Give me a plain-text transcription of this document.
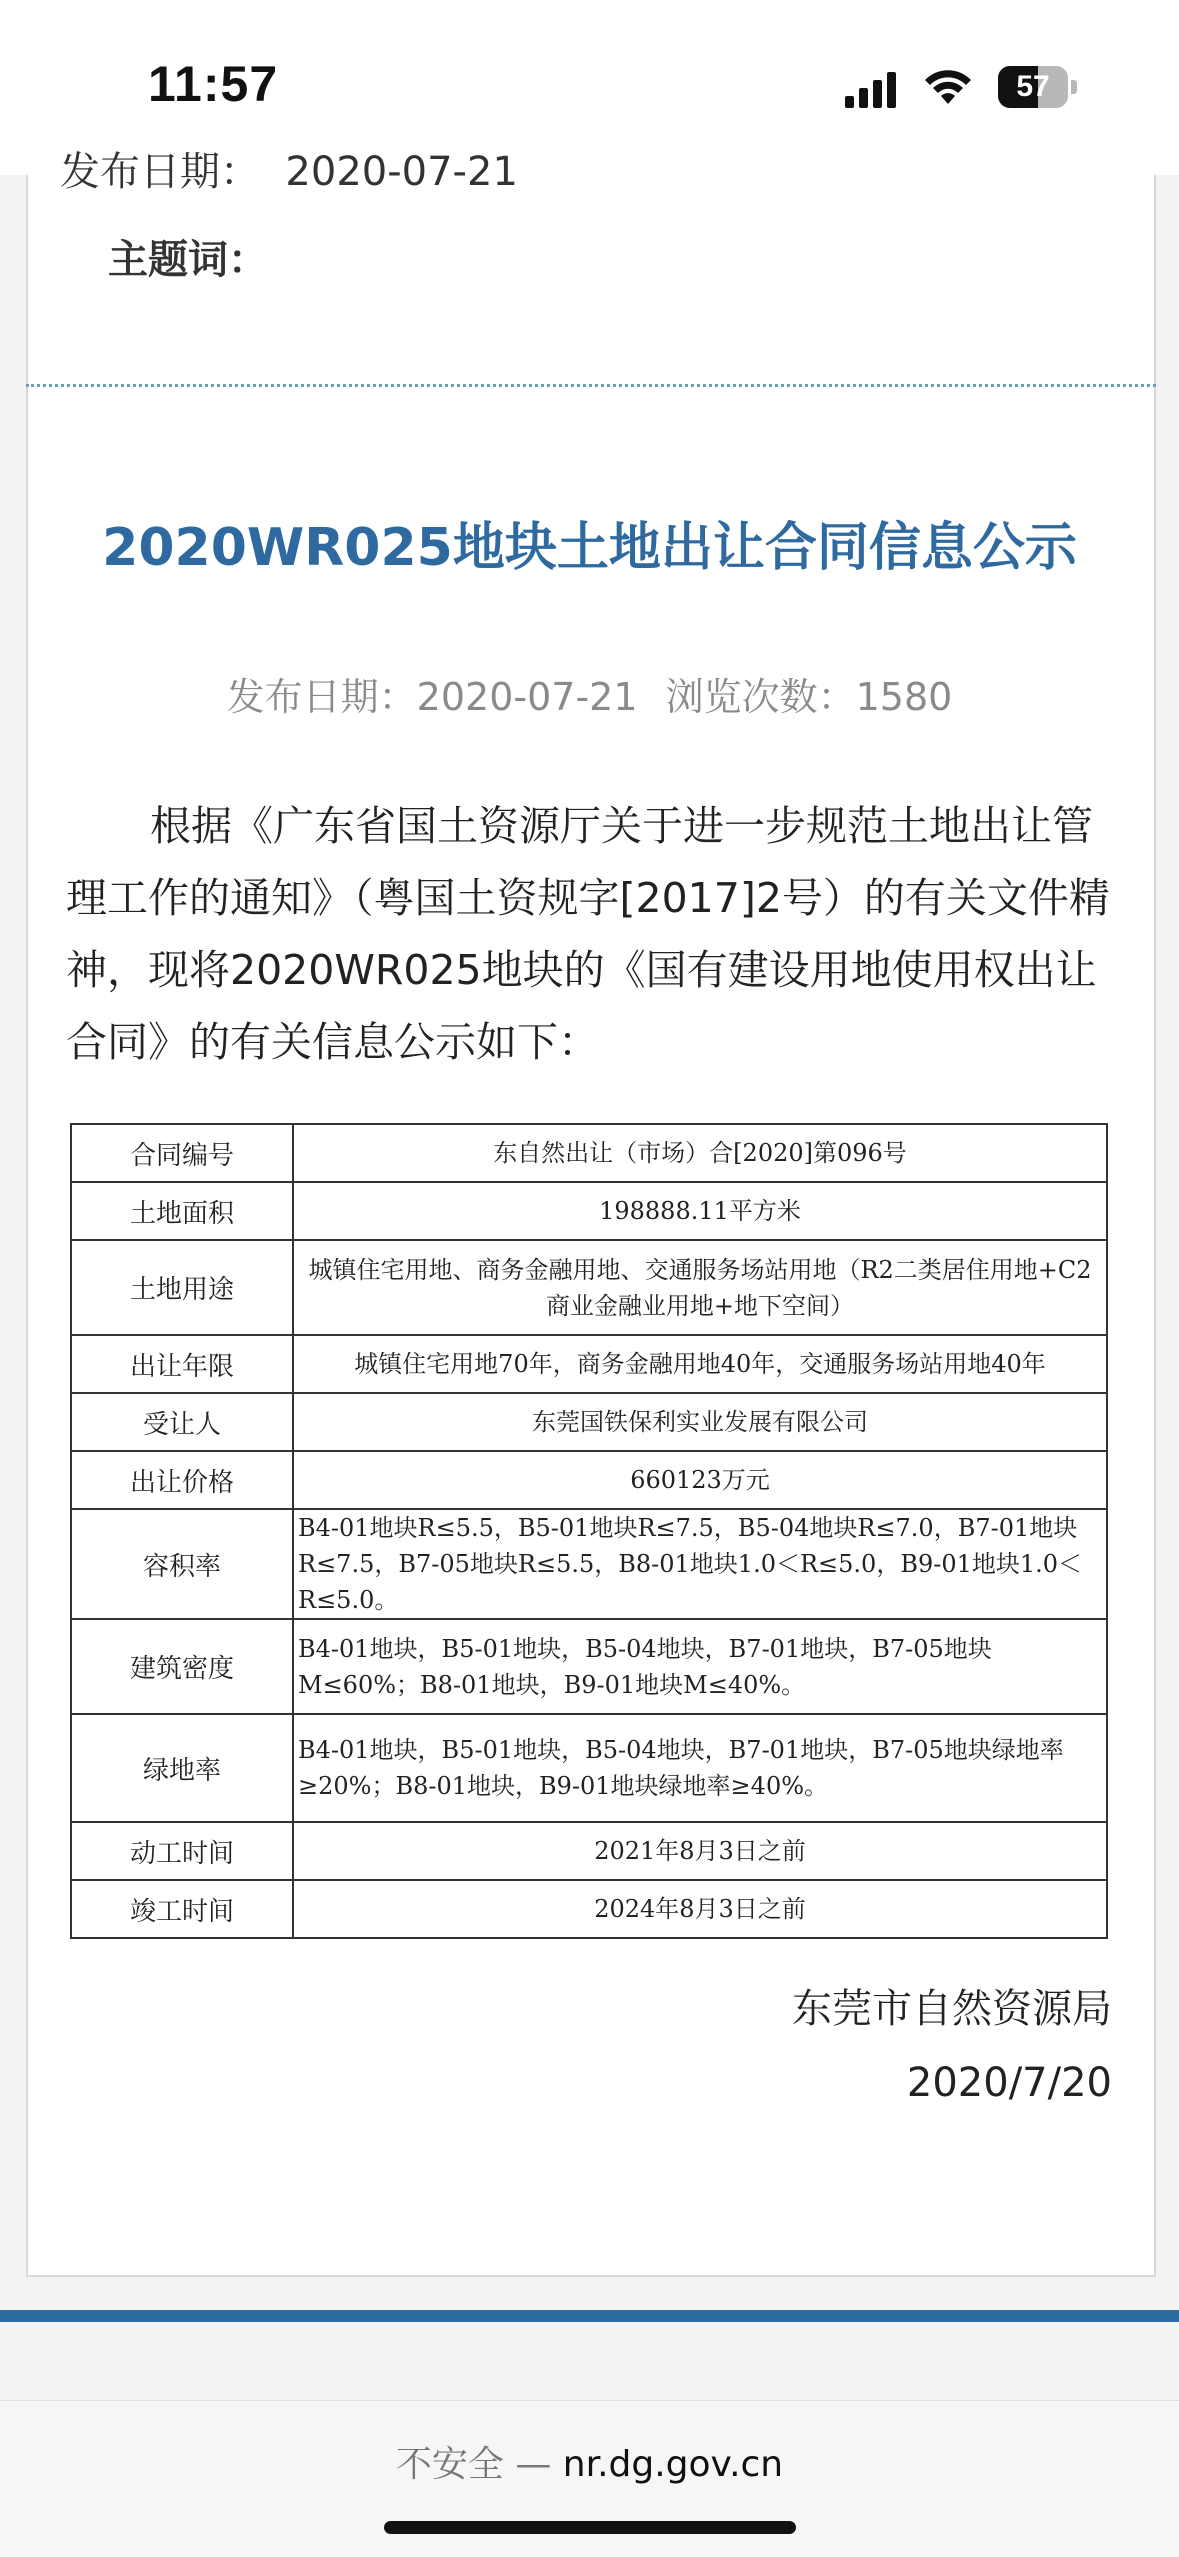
11:57	57
发布日期：  2020-07-21
主题词：
2020WR025地块土地出让合同信息公示
发布日期：2020-07-21 浏览次数：1580
根据《广东省国土资源厅关于进一步规范土地出让管理工作的通知》（粤国土资规字[2017]2号）的有关文件精神，现将2020WR025地块的《国有建设用地使用权出让合同》的有关信息公示如下：
合同编号	东自然出让（市场）合[2020]第096号
土地面积	198888.11平方米
土地用途	城镇住宅用地、商务金融用地、交通服务场站用地（R2二类居住用地+C2商业金融业用地+地下空间）
出让年限	城镇住宅用地70年，商务金融用地40年，交通服务场站用地40年
受让人	东莞国铁保利实业发展有限公司
出让价格	660123万元
容积率	B4-01地块R≤5.5，B5-01地块R≤7.5，B5-04地块R≤7.0，B7-01地块R≤7.5，B7-05地块R≤5.5，B8-01地块1.0＜R≤5.0，B9-01地块1.0＜R≤5.0。
建筑密度	B4-01地块，B5-01地块，B5-04地块，B7-01地块，B7-05地块M≤60%；B8-01地块，B9-01地块M≤40%。
绿地率	B4-01地块，B5-01地块，B5-04地块，B7-01地块，B7-05地块绿地率≥20%；B8-01地块，B9-01地块绿地率≥40%。
动工时间	2021年8月3日之前
竣工时间	2024年8月3日之前
东莞市自然资源局
2020/7/20
不安全 — nr.dg.gov.cn
